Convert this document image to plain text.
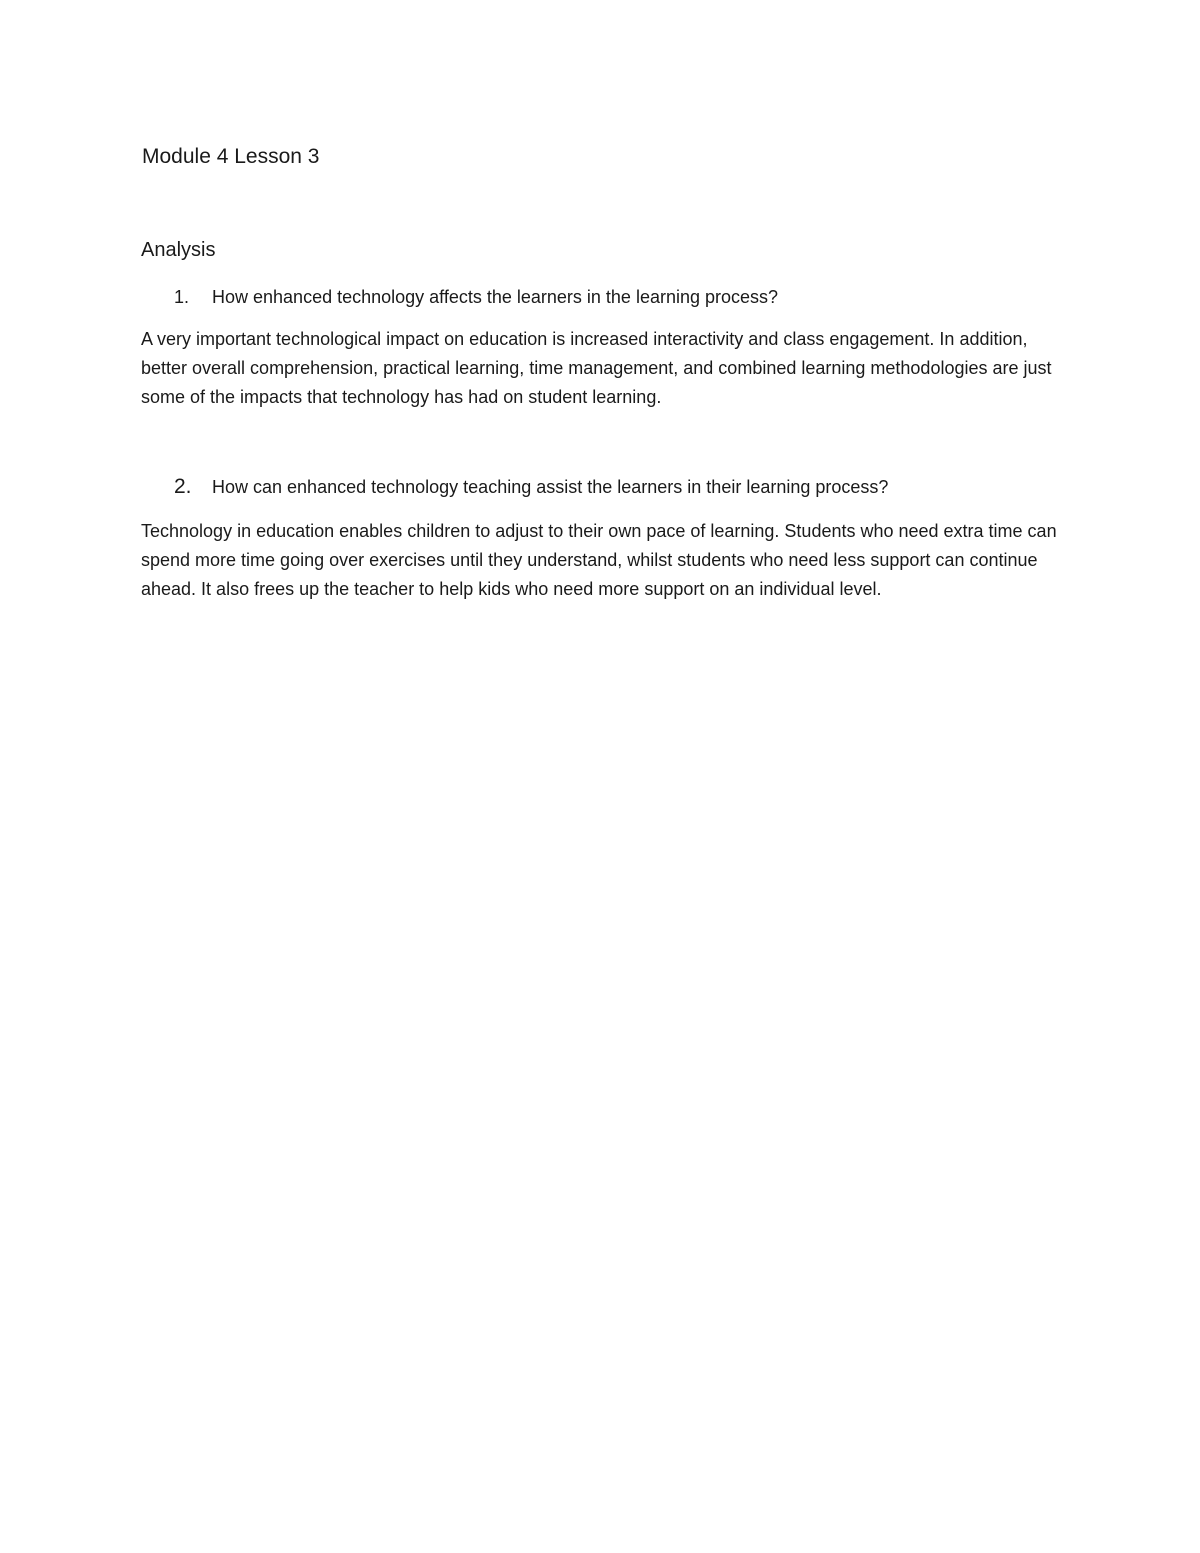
Module 4 Lesson 3
Analysis
1. How enhanced technology affects the learners in the learning process?

A very important technological impact on education is increased interactivity and class engagement. In addition, better overall comprehension, practical learning, time management, and combined learning methodologies are just some of the impacts that technology has had on student learning.

2. How can enhanced technology teaching assist the learners in their learning process?

Technology in education enables children to adjust to their own pace of learning. Students who need extra time can spend more time going over exercises until they understand, whilst students who need less support can continue ahead. It also frees up the teacher to help kids who need more support on an individual level.
